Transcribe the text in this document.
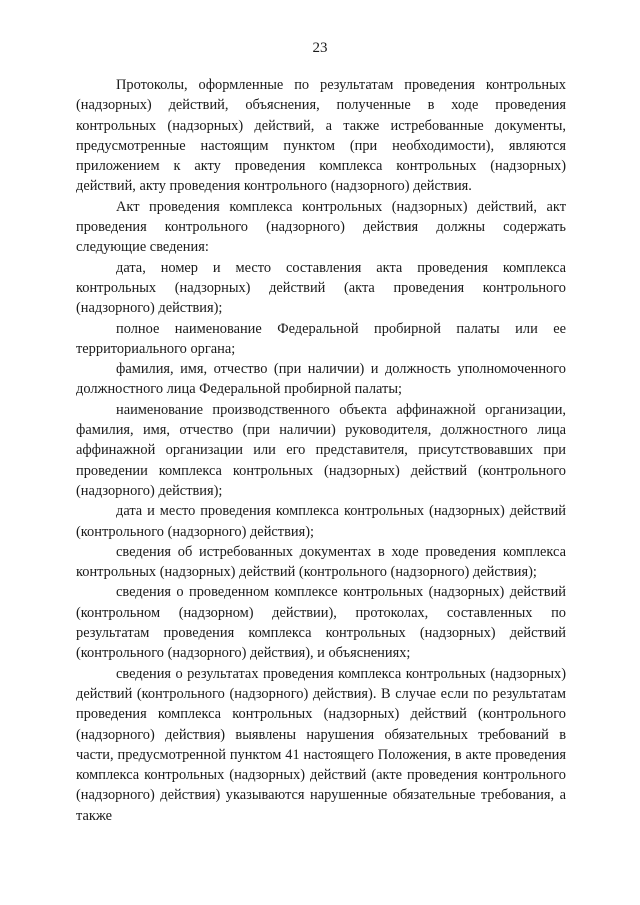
23

Протоколы, оформленные по результатам проведения контрольных (надзорных) действий, объяснения, полученные в ходе проведения контрольных (надзорных) действий, а также истребованные документы, предусмотренные настоящим пунктом (при необходимости), являются приложением к акту проведения комплекса контрольных (надзорных) действий, акту проведения контрольного (надзорного) действия.

Акт проведения комплекса контрольных (надзорных) действий, акт проведения контрольного (надзорного) действия должны содержать следующие сведения:

дата, номер и место составления акта проведения комплекса контрольных (надзорных) действий (акта проведения контрольного (надзорного) действия);

полное наименование Федеральной пробирной палаты или ее территориального органа;

фамилия, имя, отчество (при наличии) и должность уполномоченного должностного лица Федеральной пробирной палаты;

наименование производственного объекта аффинажной организации, фамилия, имя, отчество (при наличии) руководителя, должностного лица аффинажной организации или его представителя, присутствовавших при проведении комплекса контрольных (надзорных) действий (контрольного (надзорного) действия);

дата и место проведения комплекса контрольных (надзорных) действий (контрольного (надзорного) действия);

сведения об истребованных документах в ходе проведения комплекса контрольных (надзорных) действий (контрольного (надзорного) действия);

сведения о проведенном комплексе контрольных (надзорных) действий (контрольном (надзорном) действии), протоколах, составленных по результатам проведения комплекса контрольных (надзорных) действий (контрольного (надзорного) действия), и объяснениях;

сведения о результатах проведения комплекса контрольных (надзорных) действий (контрольного (надзорного) действия). В случае если по результатам проведения комплекса контрольных (надзорных) действий (контрольного (надзорного) действия) выявлены нарушения обязательных требований в части, предусмотренной пунктом 41 настоящего Положения, в акте проведения комплекса контрольных (надзорных) действий (акте проведения контрольного (надзорного) действия) указываются нарушенные обязательные требования, а также
